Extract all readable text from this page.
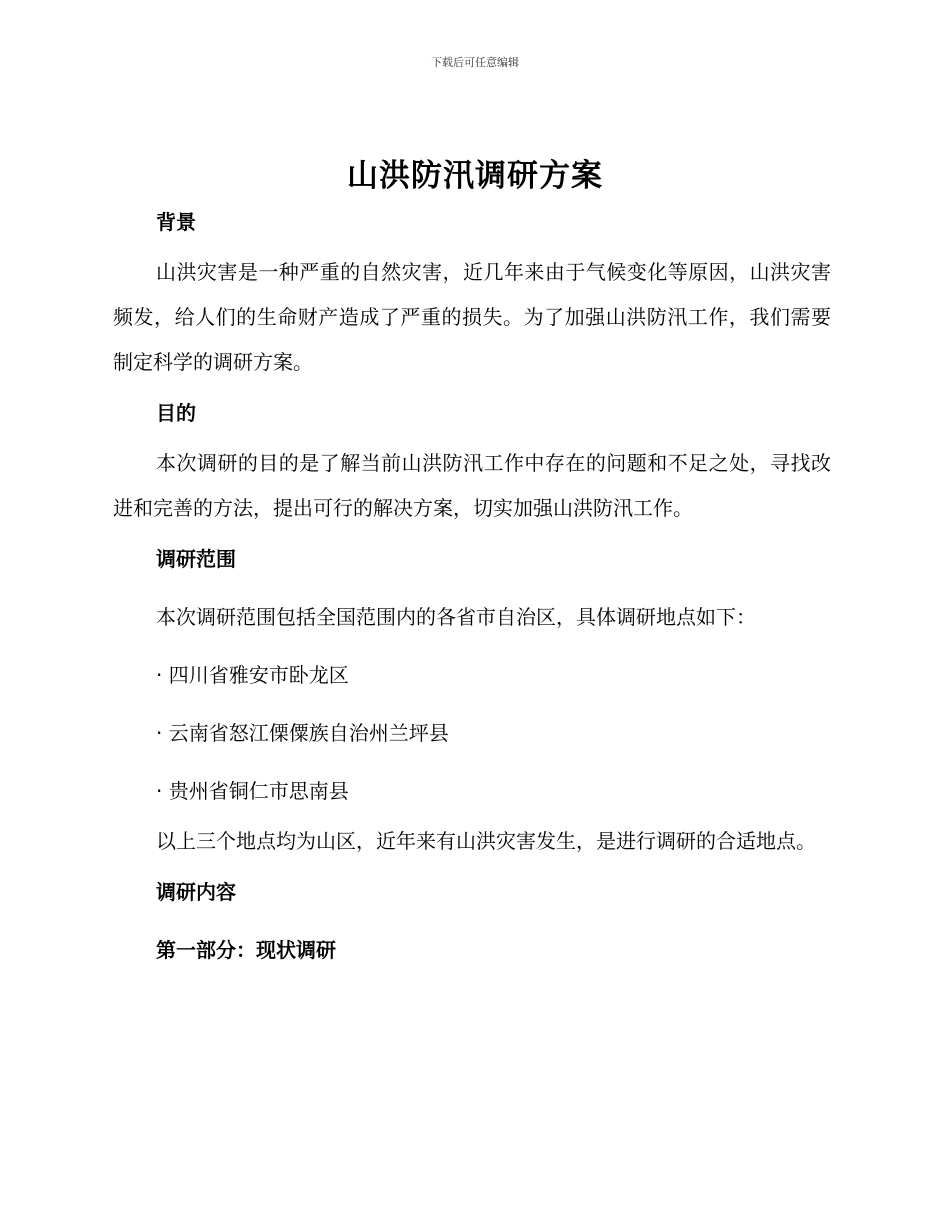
下载后可任意编辑
山洪防汛调研方案

背景

山洪灾害是一种严重的自然灾害，近几年来由于气候变化等原因，山洪灾害频发，给人们的生命财产造成了严重的损失。为了加强山洪防汛工作，我们需要制定科学的调研方案。

目的

本次调研的目的是了解当前山洪防汛工作中存在的问题和不足之处，寻找改进和完善的方法，提出可行的解决方案，切实加强山洪防汛工作。

调研范围

本次调研范围包括全国范围内的各省市自治区，具体调研地点如下：

· 四川省雅安市卧龙区

· 云南省怒江傈僳族自治州兰坪县

· 贵州省铜仁市思南县

以上三个地点均为山区，近年来有山洪灾害发生，是进行调研的合适地点。

调研内容

第一部分：现状调研
